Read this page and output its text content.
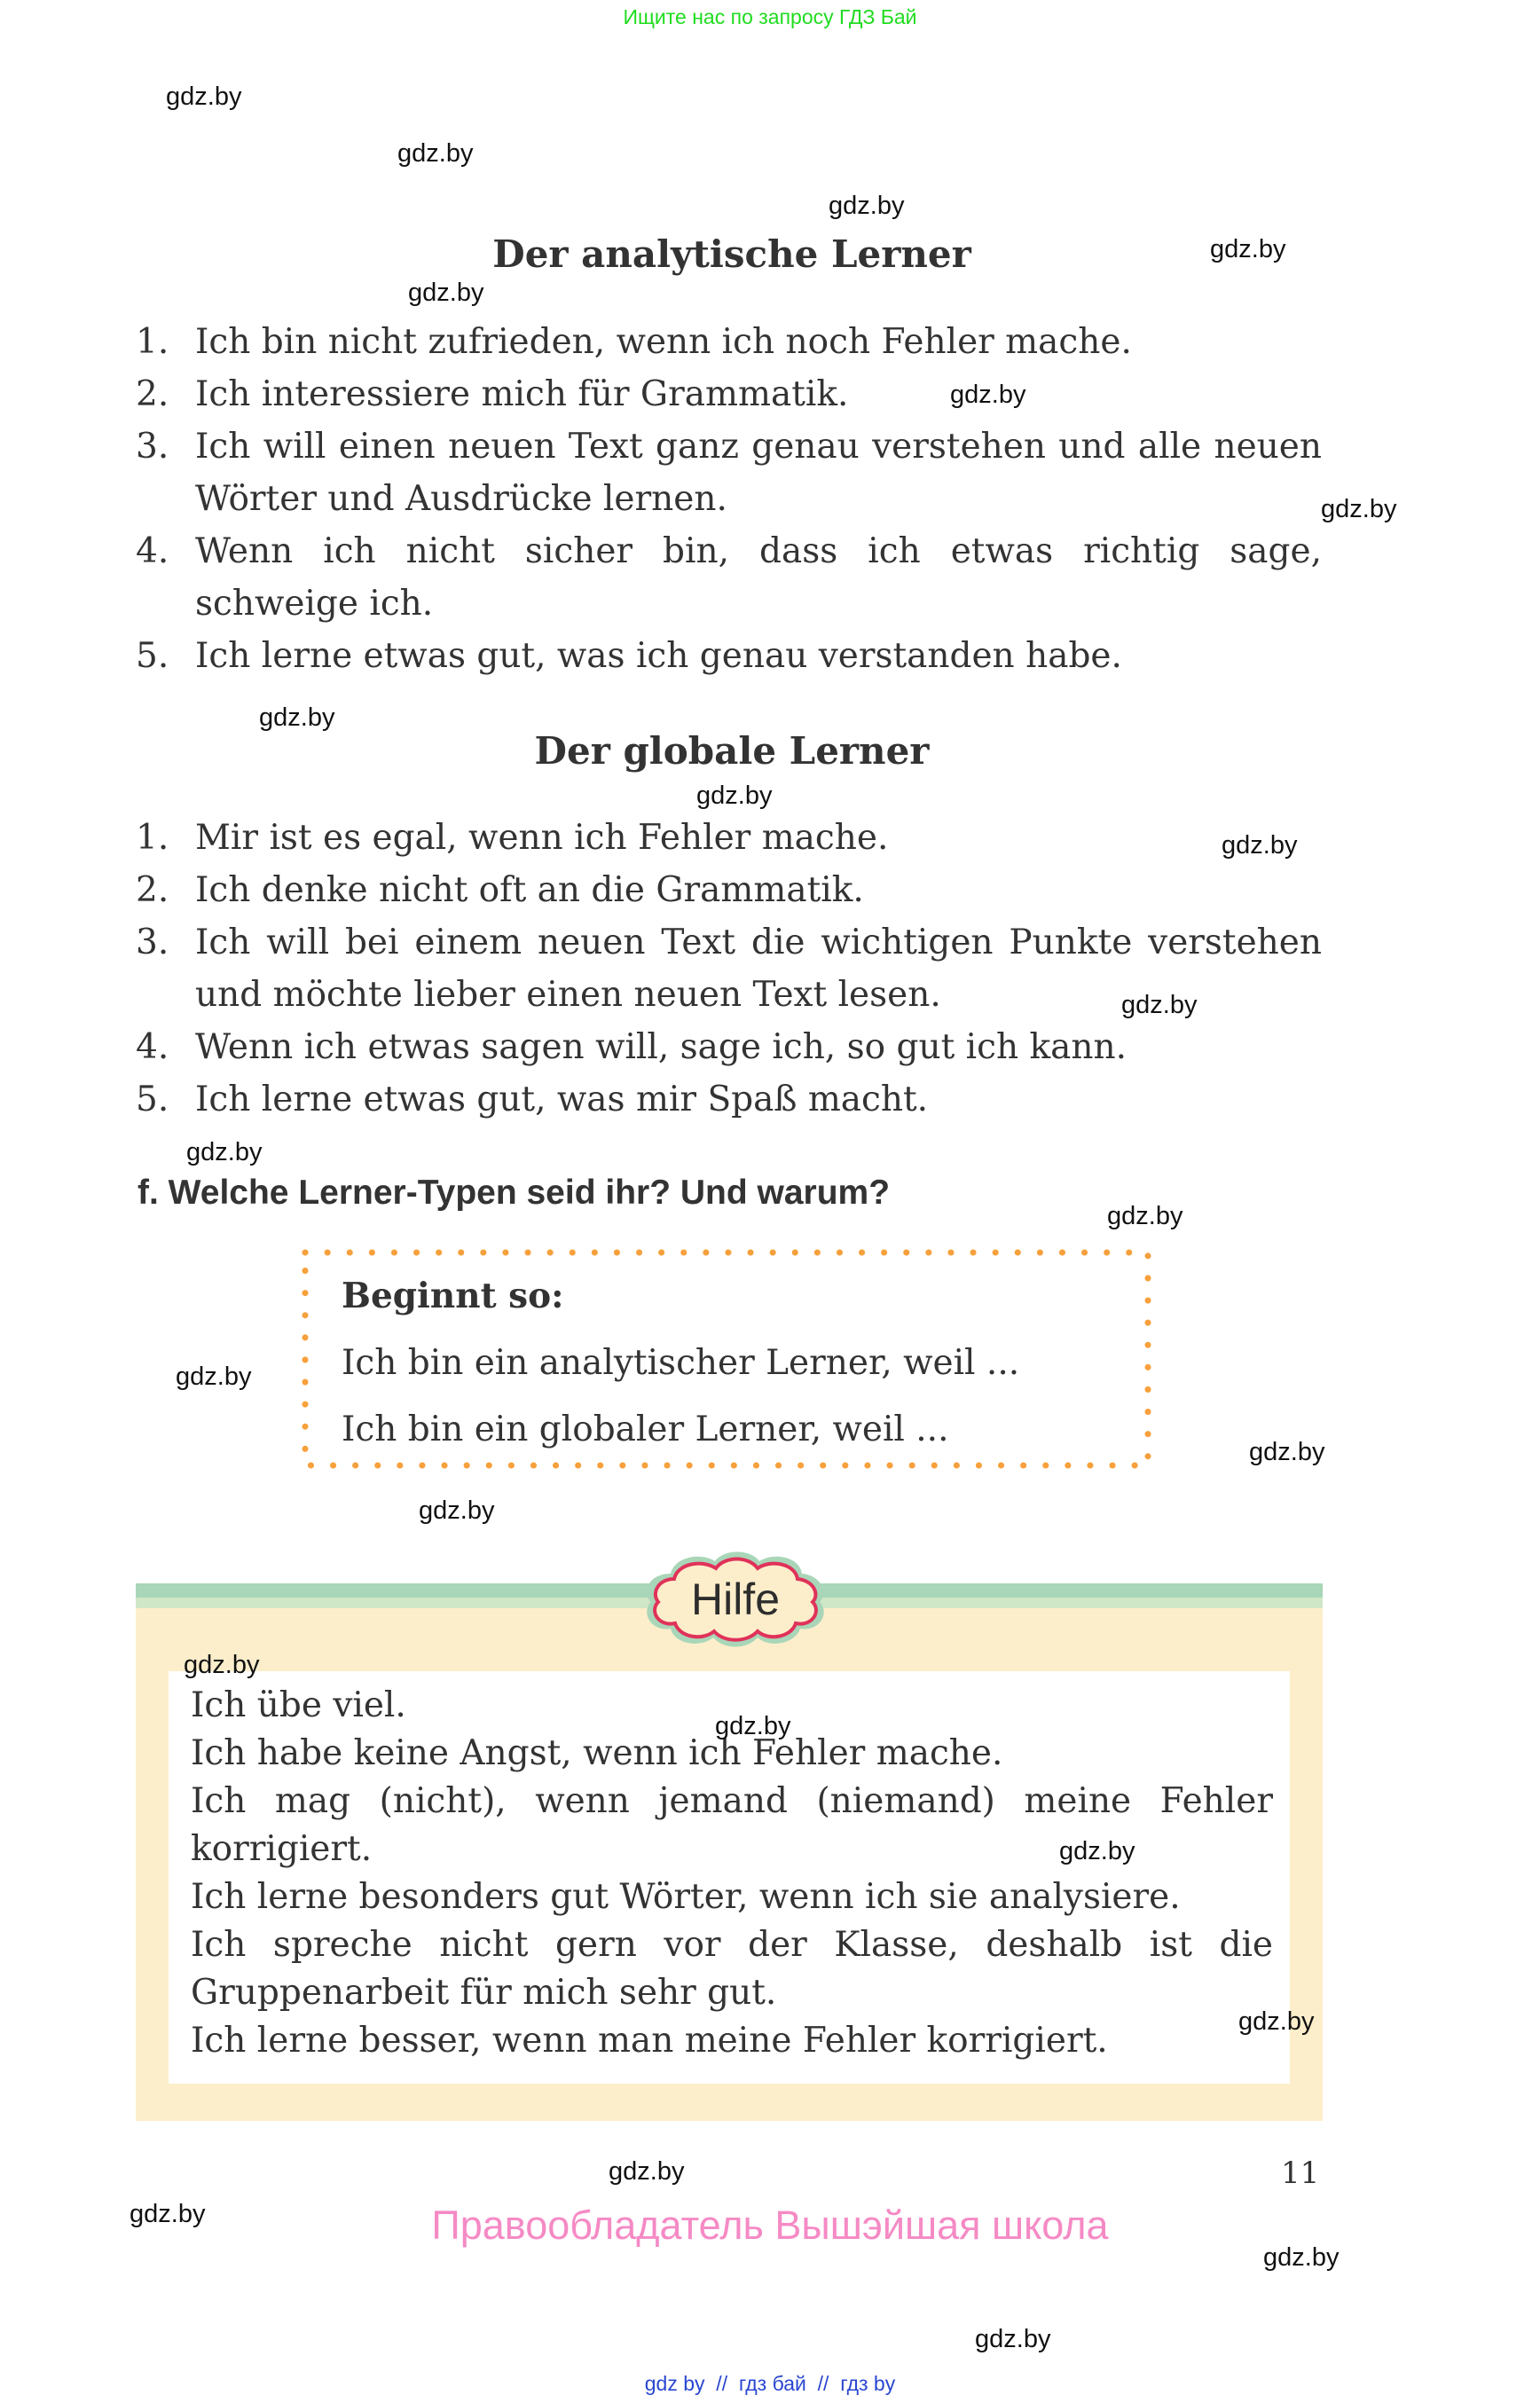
Ищите нас по запросу ГДЗ Бай
gdz.by
gdz.by
gdz.by
gdz.by
gdz.by
gdz.by
gdz.by
gdz.by
gdz.by
gdz.by
gdz.by
gdz.by
gdz.by
gdz.by
gdz.by
gdz.by
Der analytische Lerner
1. Ich bin nicht zufrieden, wenn ich noch Fehler mache.
2. Ich interessiere mich für Grammatik.
3. Ich will einen neuen Text ganz genau verstehen und alle neuen Wörter und Ausdrücke lernen.
4. Wenn ich nicht sicher bin, dass ich etwas richtig sage, schweige ich.
5. Ich lerne etwas gut, was ich genau verstanden habe.
Der globale Lerner
1. Mir ist es egal, wenn ich Fehler mache.
2. Ich denke nicht oft an die Grammatik.
3. Ich will bei einem neuen Text die wichtigen Punkte verstehen und möchte lieber einen neuen Text lesen.
4. Wenn ich etwas sagen will, sage ich, so gut ich kann.
5. Ich lerne etwas gut, was mir Spaß macht.
f. Welche Lerner-Typen seid ihr? Und warum?
Beginnt so:
Ich bin ein analytischer Lerner, weil ...
Ich bin ein globaler Lerner, weil ...

Ich übe viel.

Ich habe keine Angst, wenn ich Fehler mache.

Ich mag (nicht), wenn jemand (niemand) meine Fehler korrigiert.

Ich lerne besonders gut Wörter, wenn ich sie analysiere.

Ich spreche nicht gern vor der Klasse, deshalb ist die Gruppenarbeit für mich sehr gut.

Ich lerne besser, wenn man meine Fehler korrigiert.

Hilfe
gdz.by
gdz.by
gdz.by
gdz.by
gdz.by
gdz.by
gdz.by
gdz.by
11
Правообладатель Вышэйшая школа
gdz by  //  гдз бай  //  гдз by
